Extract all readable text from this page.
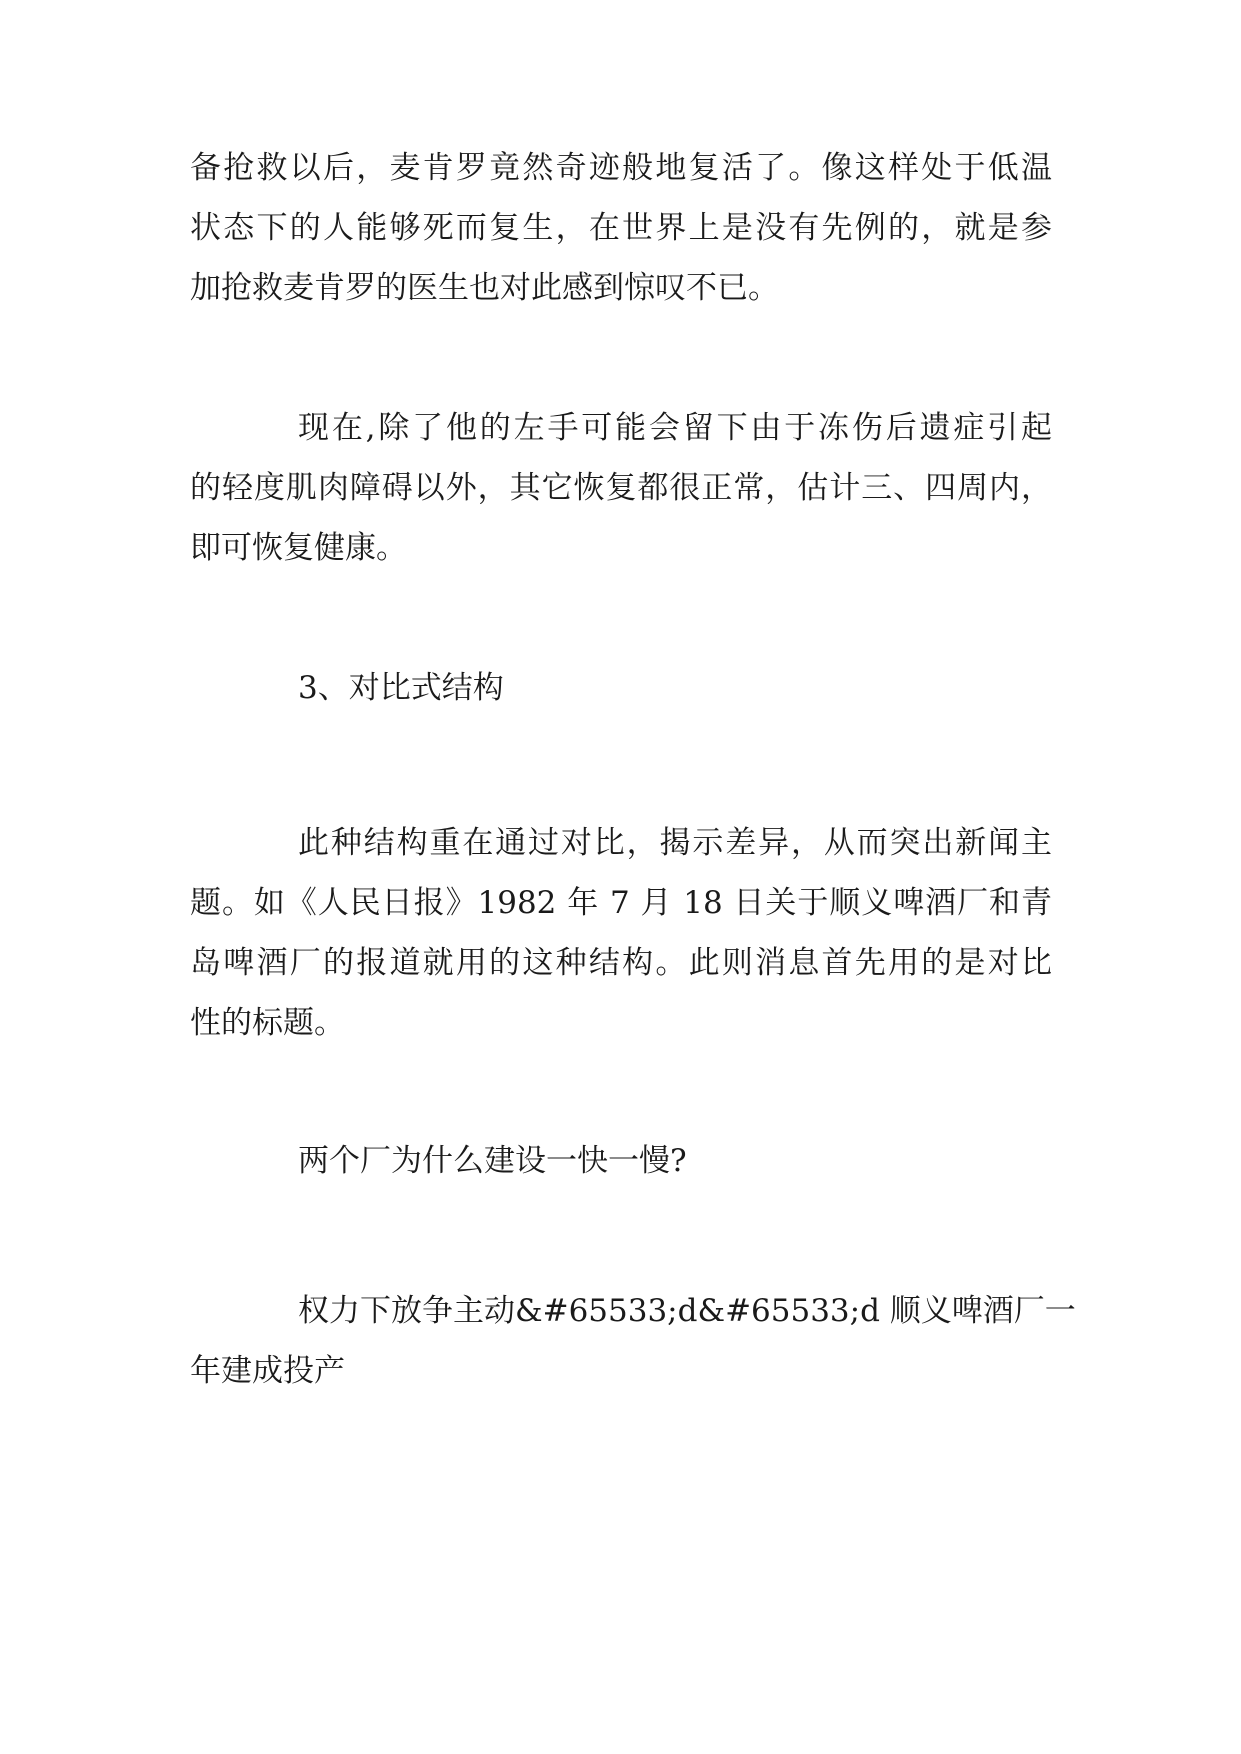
备抢救以后，麦肯罗竟然奇迹般地复活了。像这样处于低温
状态下的人能够死而复生，在世界上是没有先例的，就是参
加抢救麦肯罗的医生也对此感到惊叹不已。
现在,除了他的左手可能会留下由于冻伤后遗症引起
的轻度肌肉障碍以外，其它恢复都很正常，估计三、四周内，
即可恢复健康。
3、对比式结构
此种结构重在通过对比，揭示差异，从而突出新闻主
题。如《人民日报》1982 年 7 月 18 日关于顺义啤酒厂和青
岛啤酒厂的报道就用的这种结构。此则消息首先用的是对比
性的标题。
两个厂为什么建设一快一慢?
权力下放争主动&#65533;d&#65533;d 顺义啤酒厂一
年建成投产
